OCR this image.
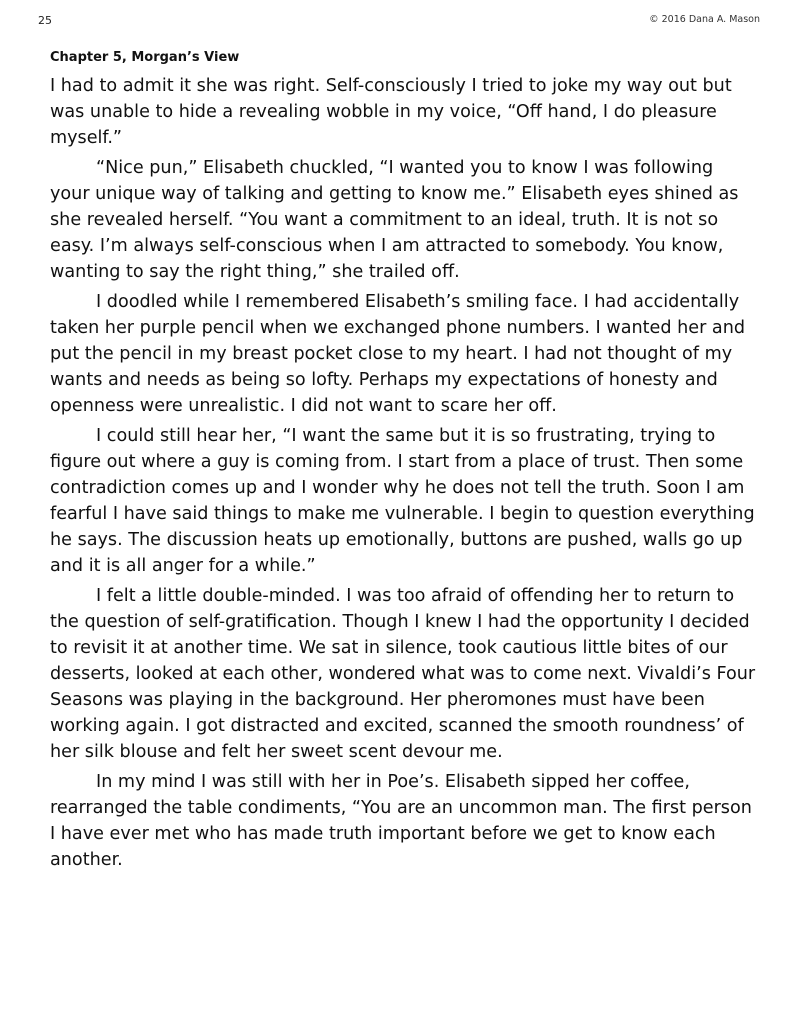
25	© 2016 Dana A. Mason
Chapter 5, Morgan’s View

I had to admit it she was right. Self-consciously I tried to joke my way out but was unable to hide a revealing wobble in my voice, “Off hand, I do pleasure myself.”

“Nice pun,” Elisabeth chuckled, “I wanted you to know I was following your unique way of talking and getting to know me.” Elisabeth eyes shined as she revealed herself. “You want a commitment to an ideal, truth. It is not so easy. I’m always self-conscious when I am attracted to somebody. You know, wanting to say the right thing,” she trailed off.

I doodled while I remembered Elisabeth’s smiling face. I had accidentally taken her purple pencil when we exchanged phone numbers. I wanted her and put the pencil in my breast pocket close to my heart. I had not thought of my wants and needs as being so lofty. Perhaps my expectations of honesty and openness were unrealistic. I did not want to scare her off.

I could still hear her, “I want the same but it is so frustrating, trying to figure out where a guy is coming from. I start from a place of trust. Then some contradiction comes up and I wonder why he does not tell the truth. Soon I am fearful I have said things to make me vulnerable. I begin to question everything he says. The discussion heats up emotionally, buttons are pushed, walls go up and it is all anger for a while.”

I felt a little double-minded. I was too afraid of offending her to return to the question of self-gratification. Though I knew I had the opportunity I decided to revisit it at another time. We sat in silence, took cautious little bites of our desserts, looked at each other, wondered what was to come next. Vivaldi’s Four Seasons was playing in the background. Her pheromones must have been working again. I got distracted and excited, scanned the smooth roundness’ of her silk blouse and felt her sweet scent devour me.

In my mind I was still with her in Poe’s. Elisabeth sipped her coffee, rearranged the table condiments, “You are an uncommon man. The first person I have ever met who has made truth important before we get to know each another.
